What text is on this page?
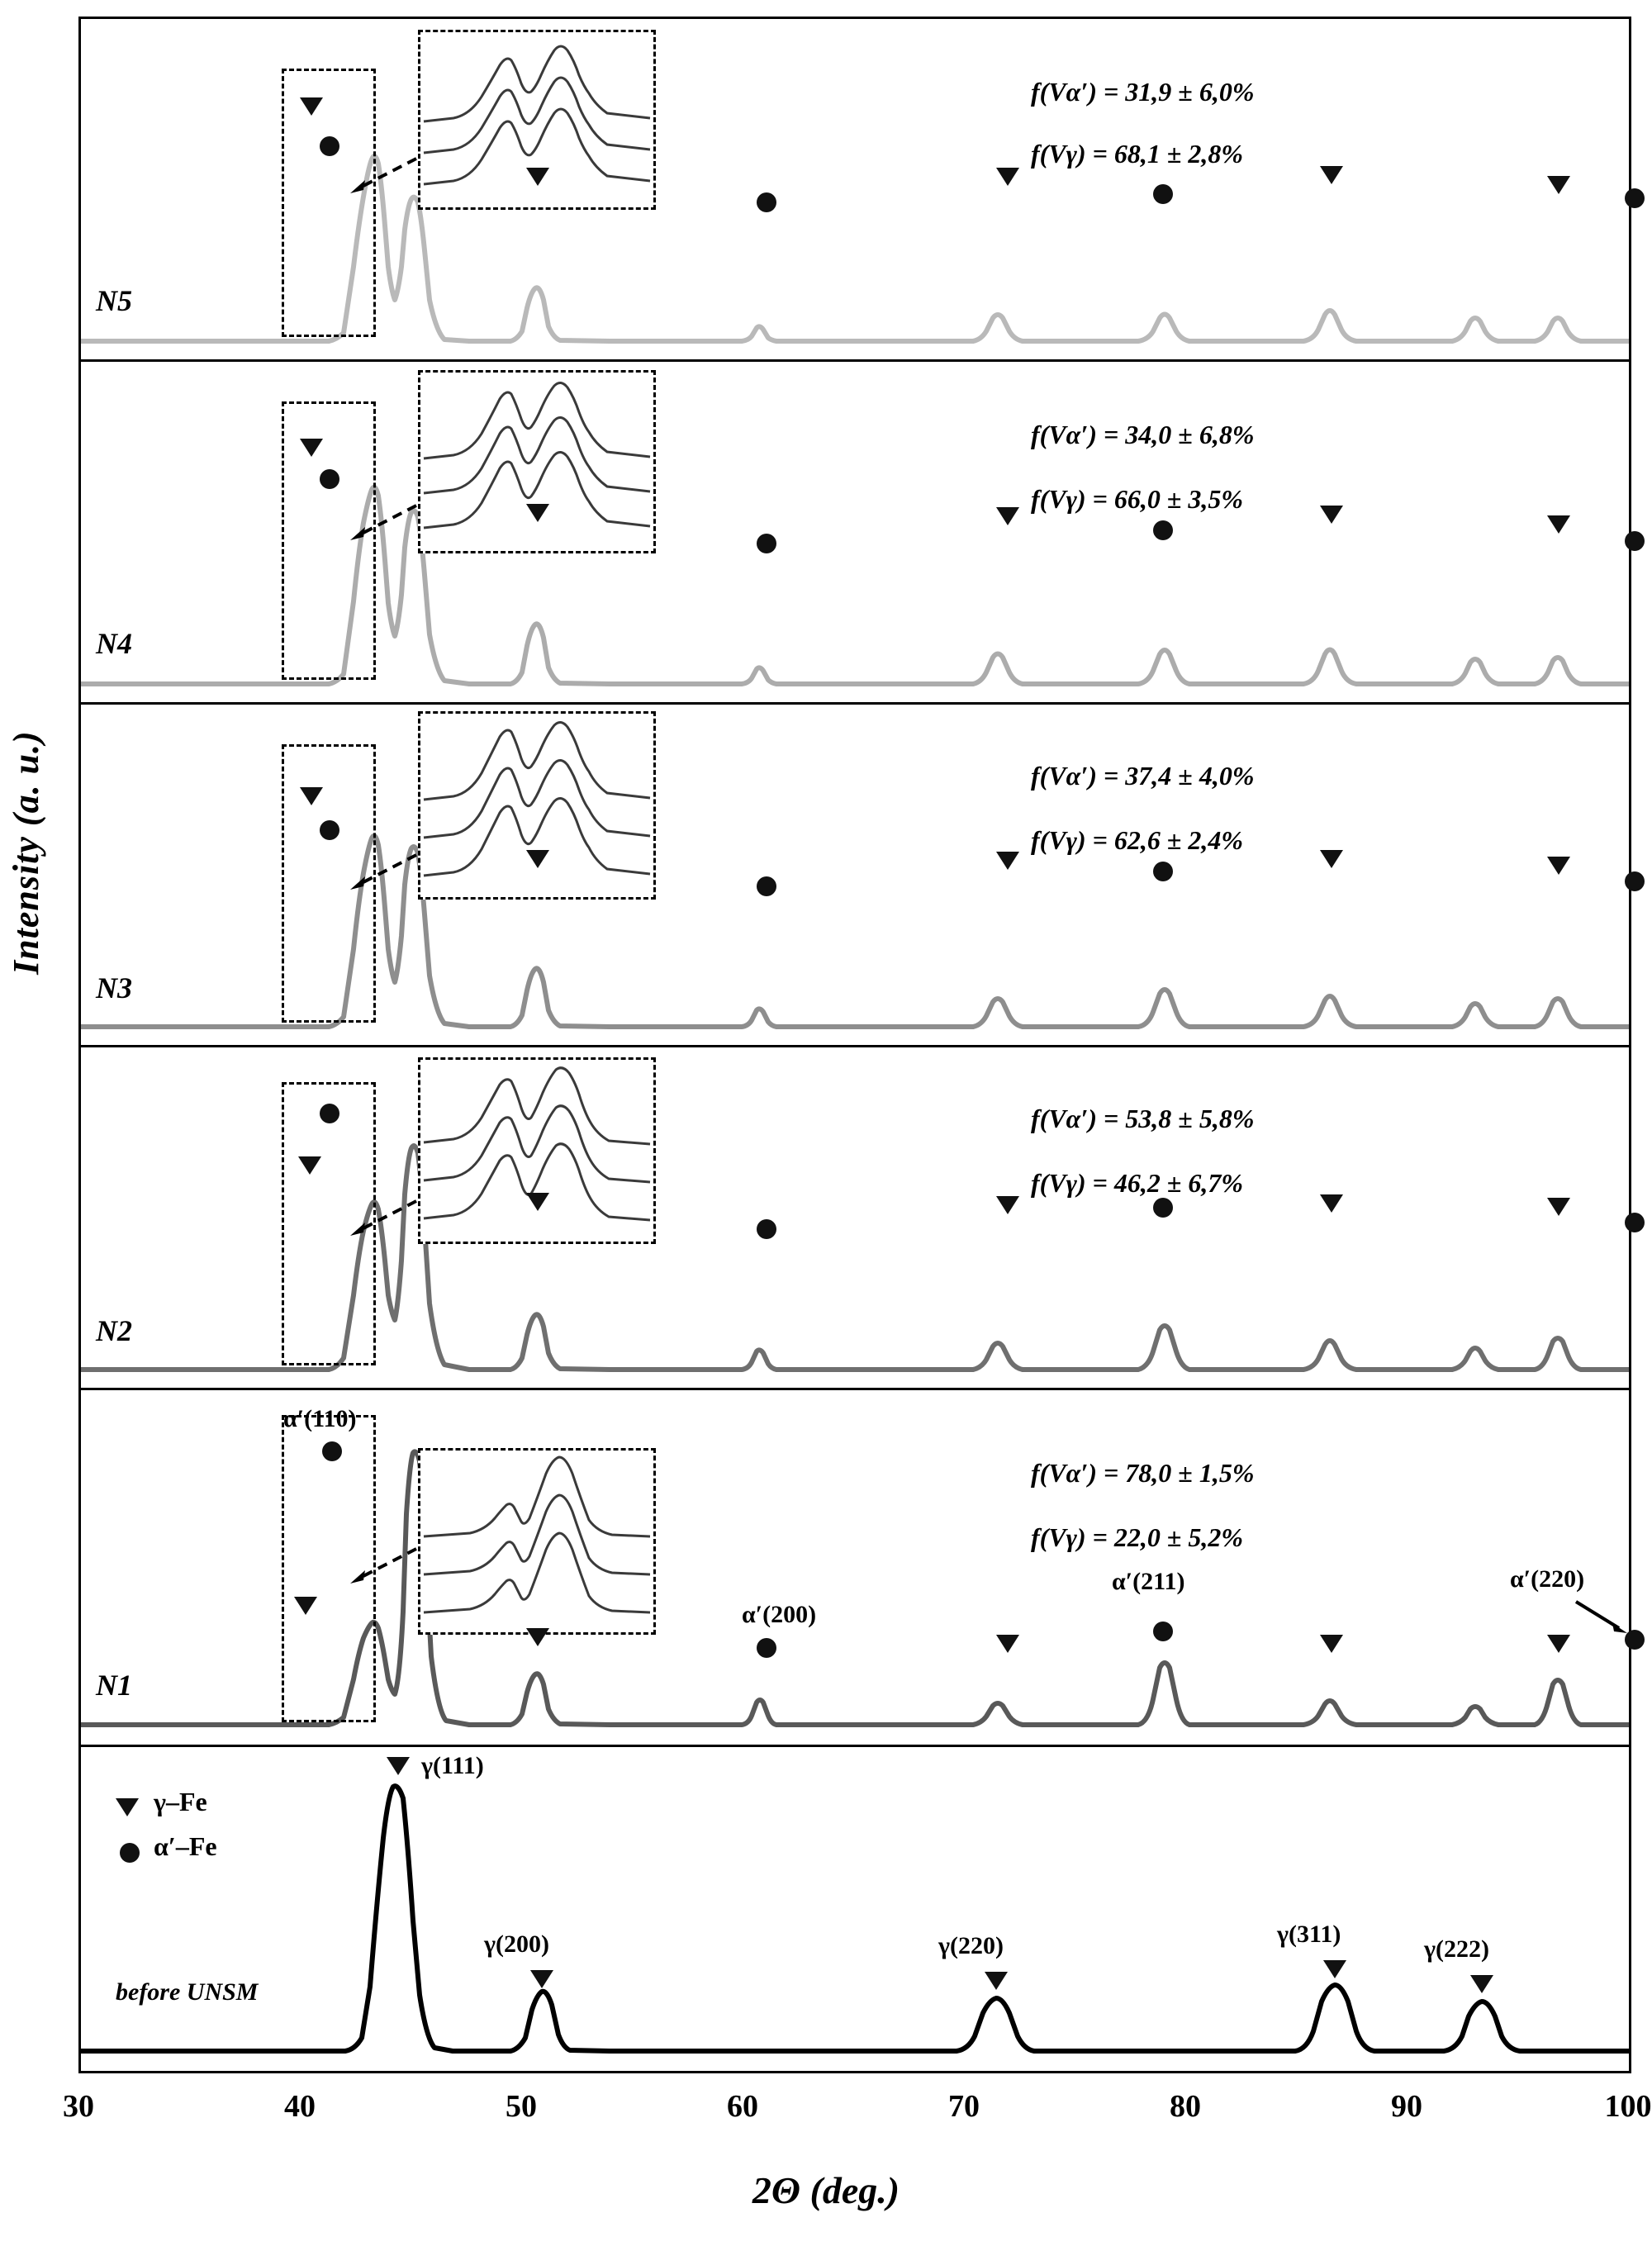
Intensity (a. u.)
2Θ (deg.)
N5
f(Vα′) = 31,9 ± 6,0%
f(Vγ) = 68,1 ± 2,8%
N4
f(Vα′) = 34,0 ± 6,8%
f(Vγ) = 66,0 ± 3,5%
N3
f(Vα′) = 37,4 ± 4,0%
f(Vγ) = 62,6 ± 2,4%
N2
f(Vα′) = 53,8 ± 5,8%
f(Vγ) = 46,2 ± 6,7%
N1
α′(110)
α′(200)
α′(211)	α′(220)
f(Vα′) = 78,0 ± 1,5%
f(Vγ) = 22,0 ± 5,2%
γ–Fe
α′–Fe
before UNSM
γ(111)
γ(200)	γ(220)	γ(311)
γ(222)
30	40	50	60	70	80	90	100
